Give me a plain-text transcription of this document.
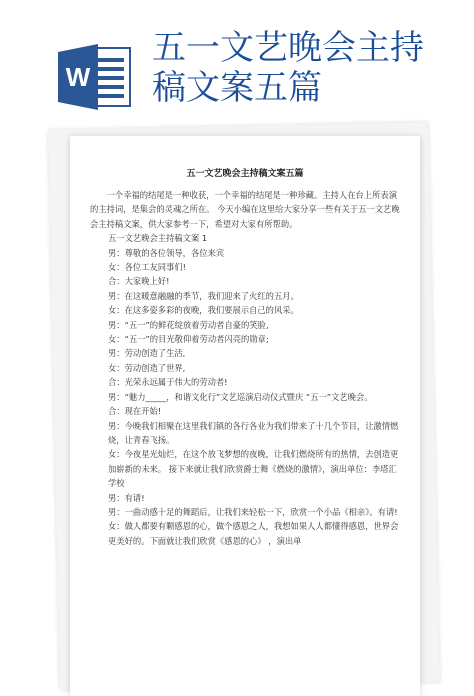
W
五一文艺晚会主持
稿文案五篇
五一文艺晚会主持稿文案五篇

一个幸福的结尾是一种收获，一个幸福的结尾是一种珍藏。主持人在台上所表演的主持词，是集会的灵魂之所在。 今天小编在这里给大家分享一些有关于五一文艺晚会主持稿文案，供大家参考一下，希望对大家有所帮助。

五一文艺晚会主持稿文案 1

男：尊敬的各位领导，各位来宾

女：各位工友同事们!

合：大家晚上好!

男：在这暖意融融的季节，我们迎来了火红的五月。

女：在这多姿多彩的夜晚，我们要展示自己的风采。

男：“五一”的鲜花绽放着劳动者自豪的笑脸,

女：“五一”的目光敬仰着劳动者闪亮的勋章;

男：劳动创造了生活,

女：劳动创造了世界,

合：光荣永远属于伟大的劳动者!

男：“魅力_____，和谐文化行”文艺巡演启动仪式暨庆 “五一”文艺晚会。

合：现在开始!

男：今晚我们相聚在这里我们镇的各行各业为我们带来了十几个节目，让激情燃烧，让青春飞扬。

女：今夜星光灿烂，在这个放飞梦想的夜晚，让我们燃烧所有的热情，去创造更加崭新的未来。 接下来就让我们欣赏爵士舞《燃烧的激情》，演出单位：李塔汇学校

男：有请!

男：一曲动感十足的舞蹈后，让我们来轻松一下，欣赏一个小品《相亲》。有请!

女：做人都要有颗感恩的心，做个感恩之人，我想如果人人都懂得感恩，世界会更美好的。下面就让我们欣赏《感恩的心》 ，演出单
